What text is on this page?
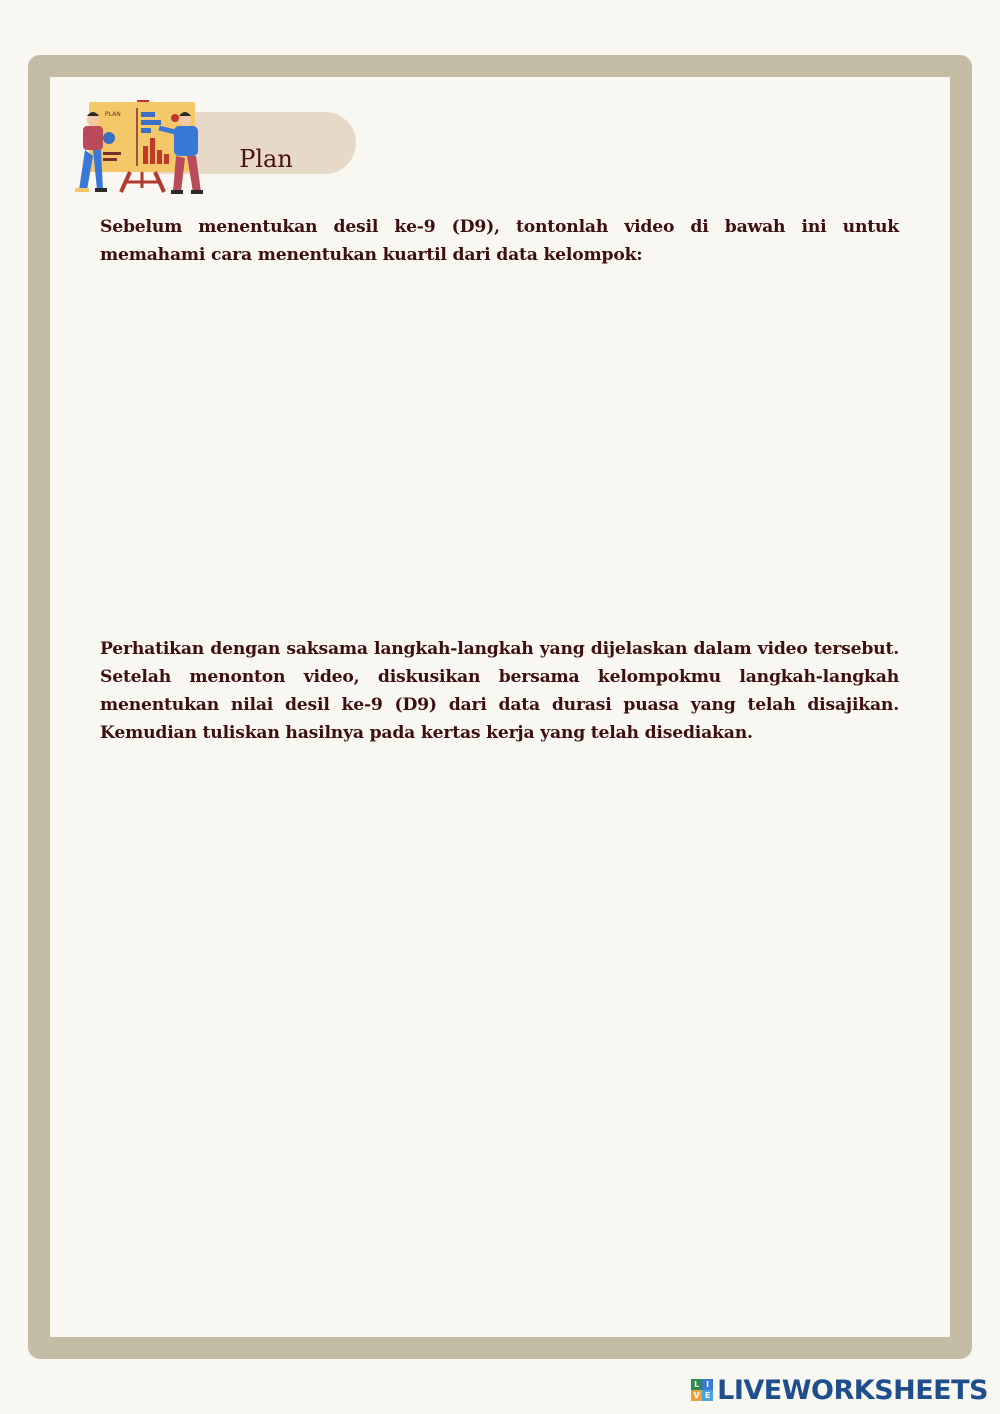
PLAN
Plan

Sebelum menentukan desil ke-9 (D9), tontonlah video di bawah ini untuk memahami cara menentukan kuartil dari data kelompok:

Perhatikan dengan saksama langkah-langkah yang dijelaskan dalam video tersebut. Setelah menonton video, diskusikan bersama kelompokmu langkah-langkah menentukan nilai desil ke-9 (D9) dari data durasi puasa yang telah disajikan. Kemudian tuliskan hasilnya pada kertas kerja yang telah disediakan.

L I
V E LIVEWORKSHEETS
